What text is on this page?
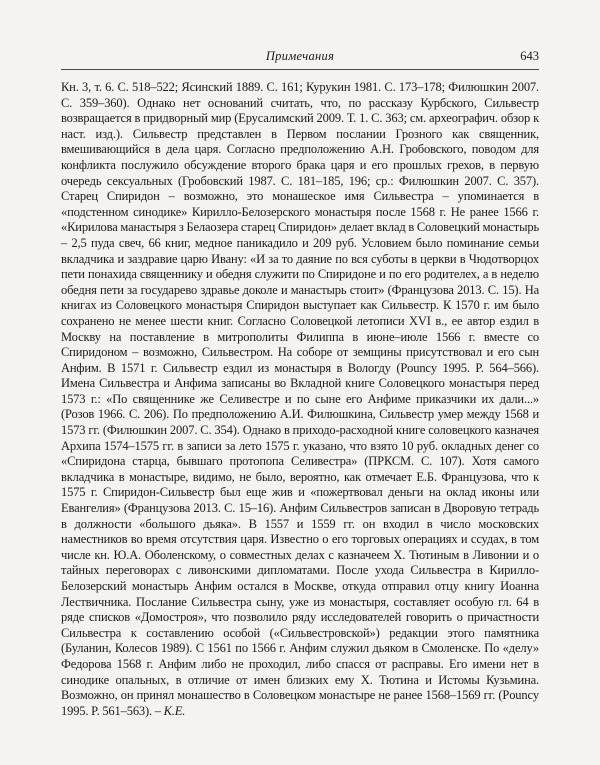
Примечания	643

Кн. 3, т. 6. С. 518–522; Ясинский 1889. С. 161; Курукин 1981. С. 173–178; Филюшкин 2007. С. 359–360). Однако нет оснований считать, что, по рассказу Курбского, Сильвестр возвращается в придворный мир (Ерусалимский 2009. Т. 1. С. 363; см. археографич. обзор к наст. изд.). Сильвестр представлен в Первом послании Грозного как священник, вмешивающийся в дела царя. Согласно предположению А.Н. Гробовского, поводом для конфликта послужило обсуждение второго брака царя и его прошлых грехов, в первую очередь сексуальных (Гробовский 1987. С. 181–185, 196; ср.: Филюшкин 2007. С. 357). Старец Спиридон – возможно, это монашеское имя Сильвестра – упоминается в «подстенном синодике» Кирилло-Белозерского монастыря после 1568 г. Не ранее 1566 г. «Кирилова манастыря з Белаозера старец Спиридон» делает вклад в Соловецкий монастырь – 2,5 пуда свеч, 66 книг, медное паникадило и 209 руб. Условием было поминание семьи вкладчика и заздравие царю Ивану: «И за то даяние по вся суботы в церкви в Чюдотворцох пети понахида священнику и обедня служити по Спиридоне и по его родителех, а в неделю обедня пети за государево здравье доколе и манастырь стоит» (Французова 2013. С. 15). На книгах из Соловецкого монастыря Спиридон выступает как Сильвестр. К 1570 г. им было сохранено не менее шести книг. Согласно Соловецкой летописи XVI в., ее автор ездил в Москву на поставление в митрополиты Филиппа в июне–июле 1566 г. вместе со Спиридоном – возможно, Сильвестром. На соборе от земщины присутствовал и его сын Анфим. В 1571 г. Сильвестр ездил из монастыря в Вологду (Pouncy 1995. P. 564–566). Имена Сильвестра и Анфима записаны во Вкладной книге Соловецкого монастыря перед 1573 г.: «По священнике же Селивестре и по сыне его Анфиме приказчики их дали...» (Розов 1966. С. 206). По предположению А.И. Филюшкина, Сильвестр умер между 1568 и 1573 гг. (Филюшкин 2007. С. 354). Однако в приходо-расходной книге соловецкого казначея Архипа 1574–1575 гг. в записи за лето 1575 г. указано, что взято 10 руб. окладных денег со «Спиридона старца, бывшаго протопопа Селивестра» (ПРКСМ. С. 107). Хотя самого вкладчика в монастыре, видимо, не было, вероятно, как отмечает Е.Б. Французова, что к 1575 г. Спиридон-Сильвестр был еще жив и «пожертвовал деньги на оклад иконы или Евангелия» (Французова 2013. С. 15–16). Анфим Сильвестров записан в Дворовую тетрадь в должности «большого дьяка». В 1557 и 1559 гг. он входил в число московских наместников во время отсутствия царя. Известно о его торговых операциях и ссудах, в том числе кн. Ю.А. Оболенскому, о совместных делах с казначеем Х. Тютиным в Ливонии и о тайных переговорах с ливонскими дипломатами. После ухода Сильвестра в Кирилло-Белозерский монастырь Анфим остался в Москве, откуда отправил отцу книгу Иоанна Лествичника. Послание Сильвестра сыну, уже из монастыря, составляет особую гл. 64 в ряде списков «Домостроя», что позволило ряду исследователей говорить о причастности Сильвестра к составлению особой («Сильвестровской») редакции этого памятника (Буланин, Колесов 1989). С 1561 по 1566 г. Анфим служил дьяком в Смоленске. По «делу» Федорова 1568 г. Анфим либо не проходил, либо спасся от расправы. Его имени нет в синодике опальных, в отличие от имен близких ему Х. Тютина и Истомы Кузьмина. Возможно, он принял монашество в Соловецком монастыре не ранее 1568–1569 гг. (Pouncy 1995. P. 561–563). – К.Е.
